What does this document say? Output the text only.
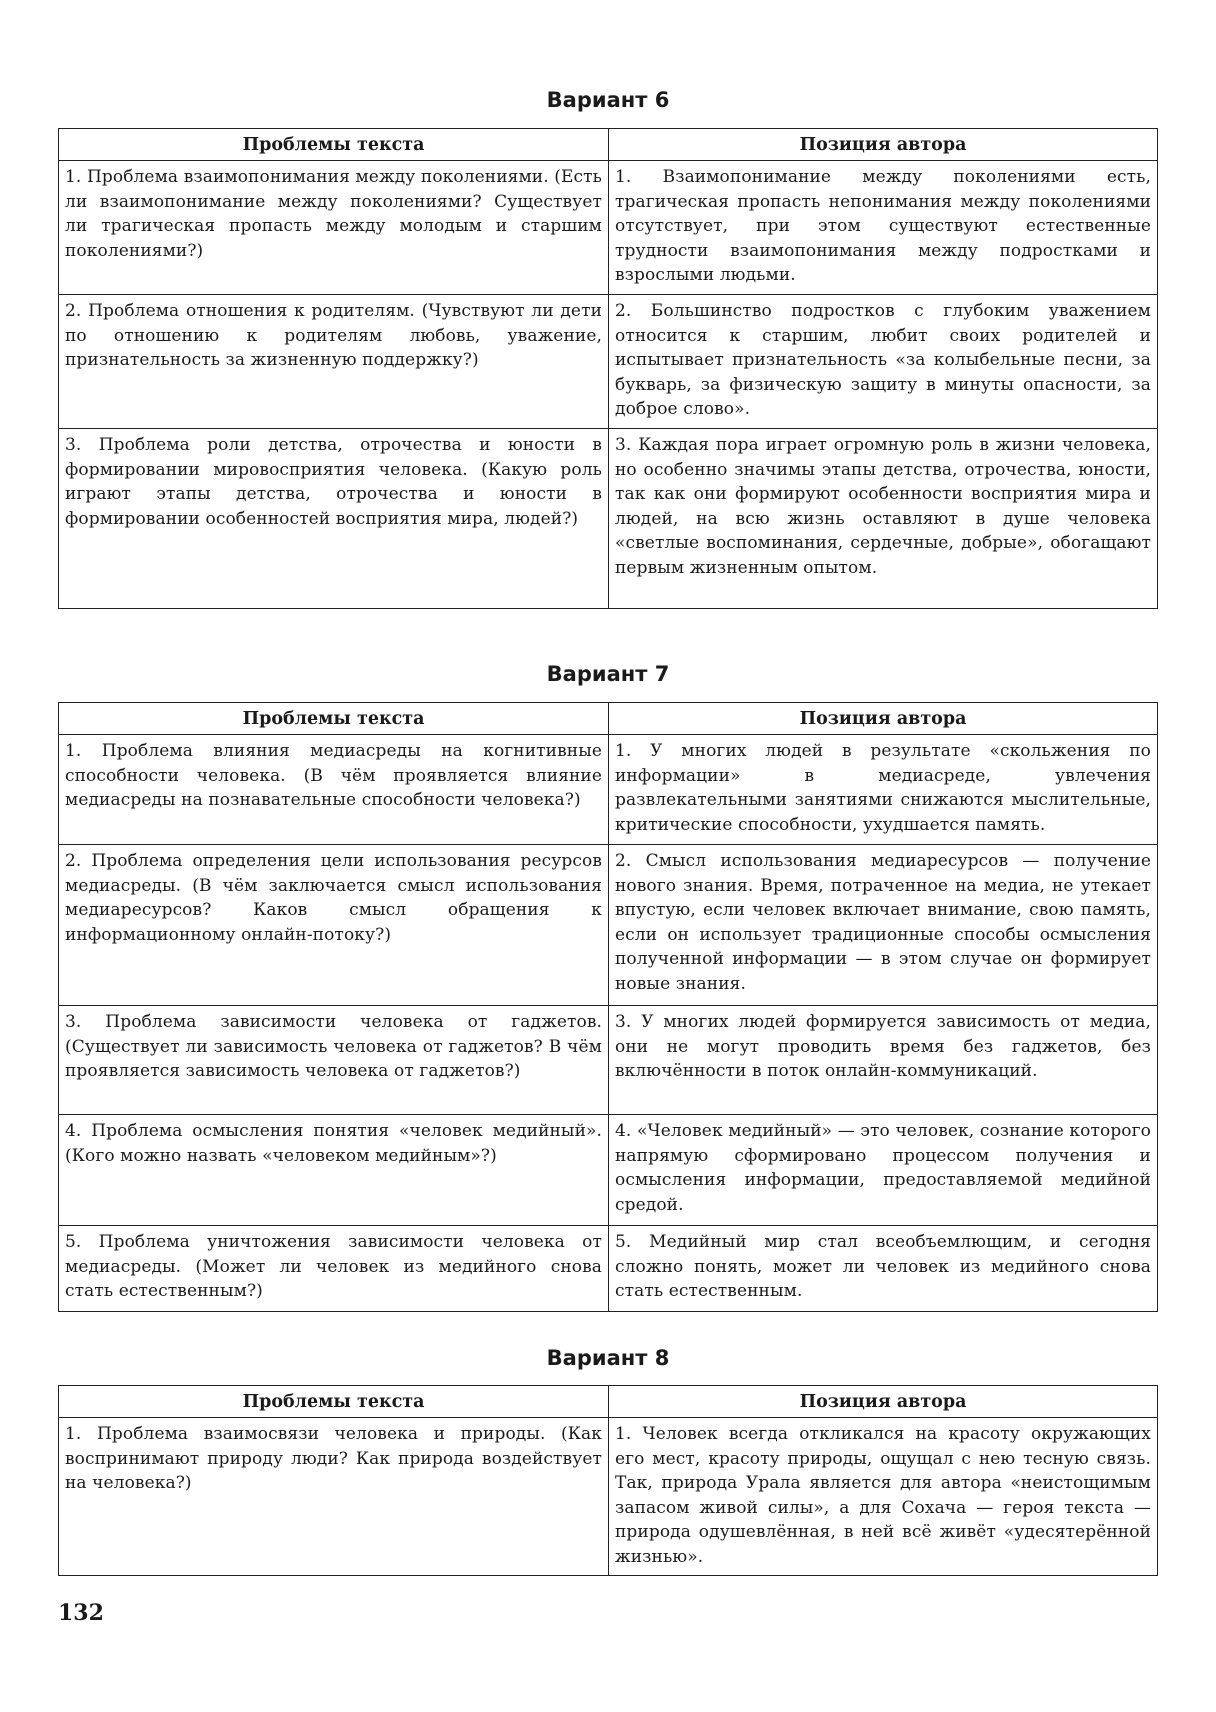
Вариант 6
Проблемы текста	Позиция автора
1. Проблема взаимопонимания между поколениями. (Есть ли взаимопонимание между поколениями? Существует ли трагическая пропасть между молодым и старшим поколениями?)	1. Взаимопонимание между поколениями есть, трагическая пропасть непонимания между поколениями отсутствует, при этом существуют естественные трудности взаимопонимания между подростками и взрослыми людьми.
2. Проблема отношения к родителям. (Чувствуют ли дети по отношению к родителям любовь, уважение, признательность за жизненную поддержку?)	2. Большинство подростков с глубоким уважением относится к старшим, любит своих родителей и испытывает признательность «за колыбельные песни, за букварь, за физическую защиту в минуты опасности, за доброе слово».
3. Проблема роли детства, отрочества и юности в формировании мировосприятия человека. (Какую роль играют этапы детства, отрочества и юности в формировании особенностей восприятия мира, людей?)	3. Каждая пора играет огромную роль в жизни человека, но особенно значимы этапы детства, отрочества, юности, так как они формируют особенности восприятия мира и людей, на всю жизнь оставляют в душе человека «светлые воспоминания, сердечные, добрые», обогащают первым жизненным опытом.
Вариант 7
Проблемы текста	Позиция автора
1. Проблема влияния медиасреды на когнитивные способности человека. (В чём проявляется влияние медиасреды на познавательные способности человека?)	1. У многих людей в результате «скольжения по информации» в медиасреде, увлечения развлекательными занятиями снижаются мыслительные, критические способности, ухудшается память.
2. Проблема определения цели использования ресурсов медиасреды. (В чём заключается смысл использования медиаресурсов? Каков смысл обращения к информационному онлайн-потоку?)	2. Смысл использования медиаресурсов — получение нового знания. Время, потраченное на медиа, не утекает впустую, если человек включает внимание, свою память, если он использует традиционные способы осмысления полученной информации — в этом случае он формирует новые знания.
3. Проблема зависимости человека от гаджетов. (Существует ли зависимость человека от гаджетов? В чём проявляется зависимость человека от гаджетов?)	3. У многих людей формируется зависимость от медиа, они не могут проводить время без гаджетов, без включённости в поток онлайн-коммуникаций.
4. Проблема осмысления понятия «человек медийный». (Кого можно назвать «человеком медийным»?)	4. «Человек медийный» — это человек, сознание которого напрямую сформировано процессом получения и осмысления информации, предоставляемой медийной средой.
5. Проблема уничтожения зависимости человека от медиасреды. (Может ли человек из медийного снова стать естественным?)	5. Медийный мир стал всеобъемлющим, и сегодня сложно понять, может ли человек из медийного снова стать естественным.
Вариант 8
Проблемы текста	Позиция автора
1. Проблема взаимосвязи человека и природы. (Как воспринимают природу люди? Как природа воздействует на человека?)	1. Человек всегда откликался на красоту окружающих его мест, красоту природы, ощущал с нею тесную связь. Так, природа Урала является для автора «неистощимым запасом живой силы», а для Сохача — героя текста — природа одушевлённая, в ней всё живёт «удесятерённой жизнью».
132
